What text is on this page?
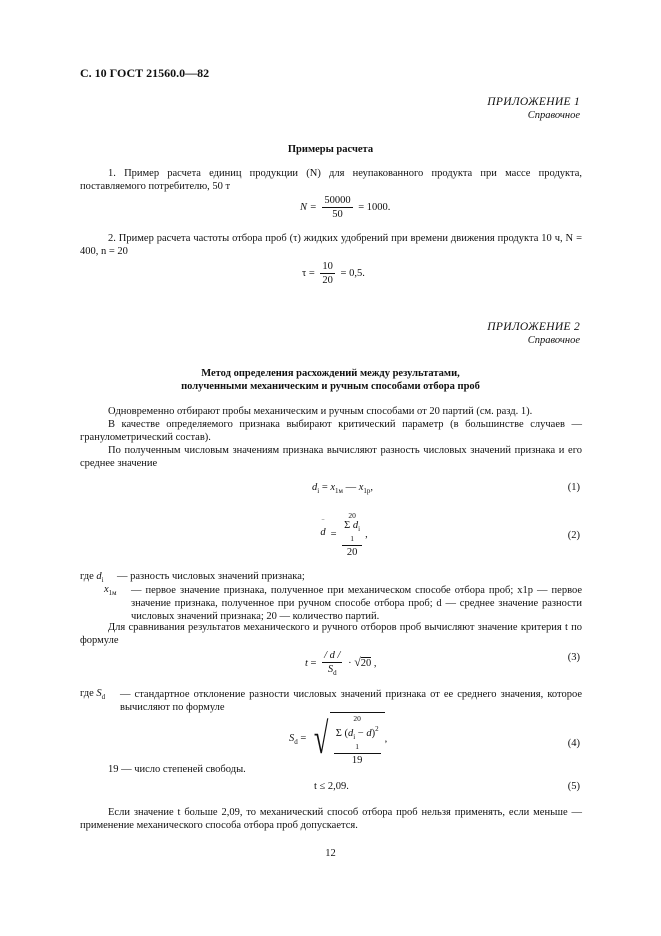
С. 10 ГОСТ 21560.0—82
ПРИЛОЖЕНИЕ 1
Справочное
Примеры расчета
1. Пример расчета единиц продукции (N) для неупакованного продукта при массе продукта, поставляемого потребителю, 50 т
$N = \frac{50000}{50} = 1000$.
2. Пример расчета частоты отбора проб (τ) жидких удобрений при времени движения продукта 10 ч, N = 400, n = 20
$\tau = \frac{10}{20} = 0,5$.
ПРИЛОЖЕНИЕ 2
Справочное
Метод определения расхождений между результатами,
полученными механическим и ручным способами отбора проб
Одновременно отбирают пробы механическим и ручным способами от 20 партий (см. разд. 1).
В качестве определяемого признака выбирают критический параметр (в большинстве случаев — гранулометрический состав).
По полученным числовым значениям признака вычисляют разность числовых значений признака и его среднее значение
$d_i = x_{1м}$ — $x_{1р}$,	(1)
‾
d = 20
Σ $d_i$
1
20 ,	(2)
где $d_i$ — разность числовых значений признака;
$x_{1м}$ — первое значение признака, полученное при механическом способе отбора проб; x1р — первое значение признака, полученное при ручном способе отбора проб; d — среднее значение разности числовых значений признака; 20 — количество партий.
Для сравнивания результатов механического и ручного отборов проб вычисляют значение критерия t по формуле
$t = \frac{/ d /}{S_d} \cdot √20$ ,
(3)
где $S_d$ — стандартное отклонение разности числовых значений признака от ее среднего значения, которое вычисляют по формуле
$S_d$ = √ 20
Σ $(d_i - d)^2$
1
19 ,	(4)
19 — число степеней свободы.
t ≤ 2,09.	(5)
Если значение t больше 2,09, то механический способ отбора проб нельзя применять, если меньше — применение механического способа отбора проб допускается.
12
